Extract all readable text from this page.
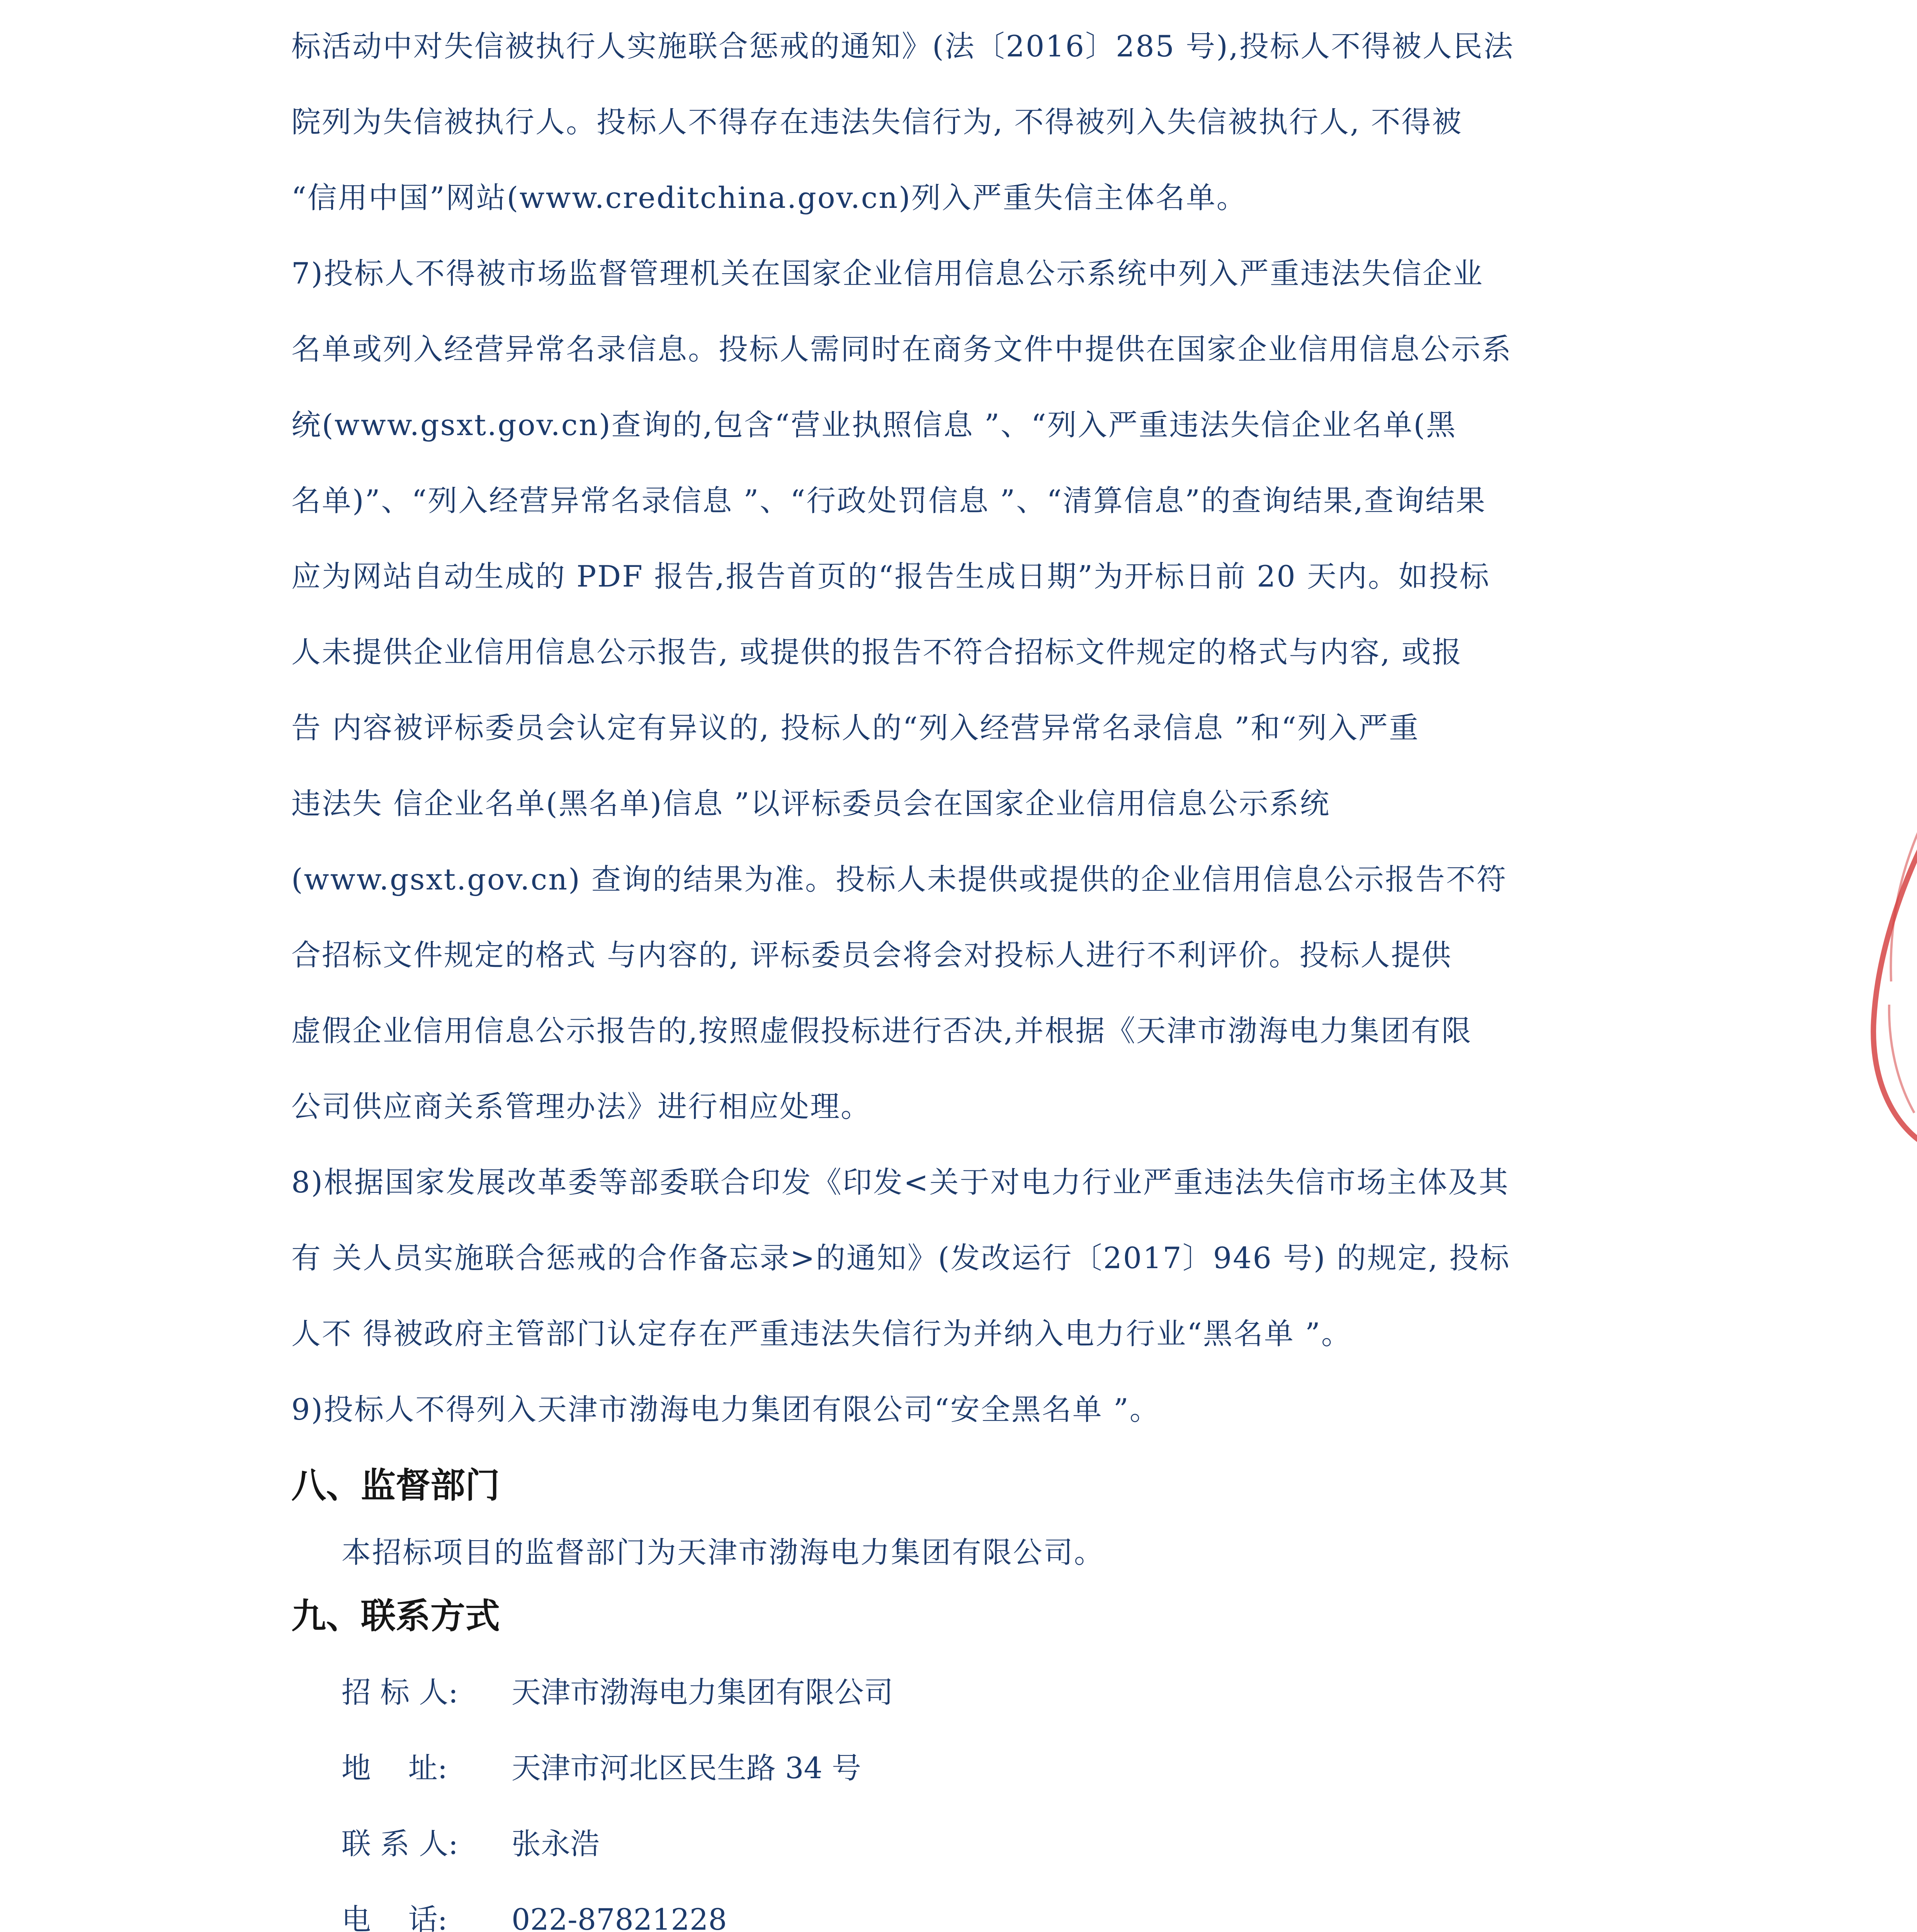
标活动中对失信被执行人实施联合惩戒的通知》(法〔2016〕285 号),投标人不得被人民法

院列为失信被执行人。投标人不得存在违法失信行为, 不得被列入失信被执行人, 不得被

“信用中国”网站(www.creditchina.gov.cn)列入严重失信主体名单。

7)投标人不得被市场监督管理机关在国家企业信用信息公示系统中列入严重违法失信企业

名单或列入经营异常名录信息。投标人需同时在商务文件中提供在国家企业信用信息公示系

统(www.gsxt.gov.cn)查询的,包含“营业执照信息 ”、“列入严重违法失信企业名单(黑

名单)”、“列入经营异常名录信息 ”、“行政处罚信息 ”、“清算信息”的查询结果,查询结果

应为网站自动生成的 PDF 报告,报告首页的“报告生成日期”为开标日前 20 天内。如投标

人未提供企业信用信息公示报告, 或提供的报告不符合招标文件规定的格式与内容, 或报

告 内容被评标委员会认定有异议的, 投标人的“列入经营异常名录信息 ”和“列入严重

违法失 信企业名单(黑名单)信息 ”以评标委员会在国家企业信用信息公示系统

(www.gsxt.gov.cn) 查询的结果为准。投标人未提供或提供的企业信用信息公示报告不符

合招标文件规定的格式 与内容的, 评标委员会将会对投标人进行不利评价。投标人提供

虚假企业信用信息公示报告的,按照虚假投标进行否决,并根据《天津市渤海电力集团有限

公司供应商关系管理办法》进行相应处理。

8)根据国家发展改革委等部委联合印发《印发<关于对电力行业严重违法失信市场主体及其

有 关人员实施联合惩戒的合作备忘录>的通知》(发改运行〔2017〕946 号) 的规定, 投标

人不 得被政府主管部门认定存在严重违法失信行为并纳入电力行业“黑名单 ”。

9)投标人不得列入天津市渤海电力集团有限公司“安全黑名单 ”。

八、监督部门

本招标项目的监督部门为天津市渤海电力集团有限公司。

九、联系方式
招 标 人:	天津市渤海电力集团有限公司
地    址:	天津市河北区民生路 34 号
联 系 人:	张永浩
电    话:	022-87821228
